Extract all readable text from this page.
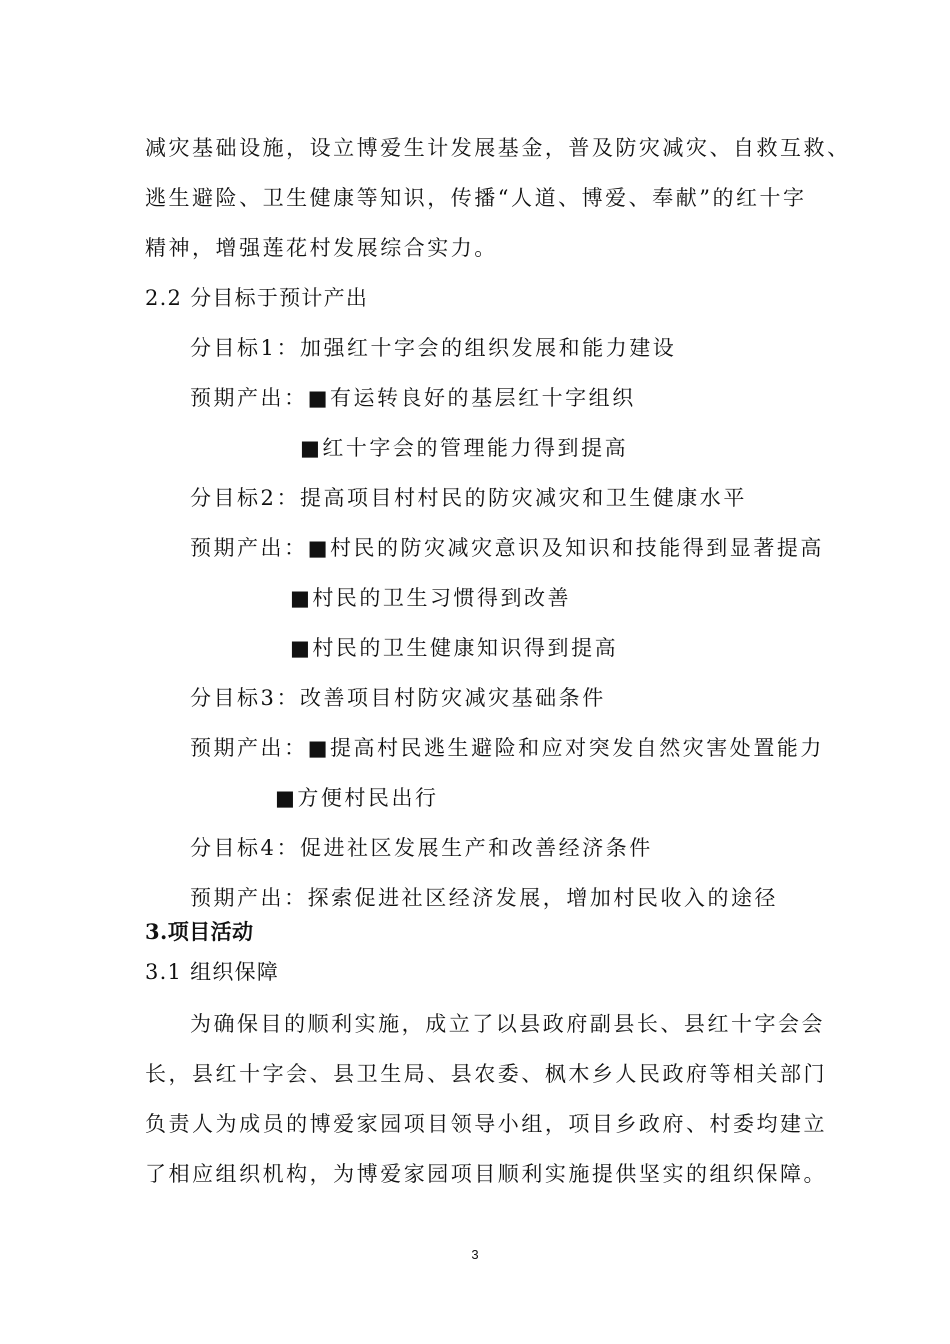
减灾基础设施，设立博爱生计发展基金，普及防灾减灾、自救互救、
逃生避险、卫生健康等知识，传播“人道、博爱、奉献”的红十字
精神，增强莲花村发展综合实力。
2.2 分目标于预计产出
分目标1：加强红十字会的组织发展和能力建设
预期产出：■有运转良好的基层红十字组织
■红十字会的管理能力得到提高
分目标2：提高项目村村民的防灾减灾和卫生健康水平
预期产出：■村民的防灾减灾意识及知识和技能得到显著提高
■村民的卫生习惯得到改善
■村民的卫生健康知识得到提高
分目标3：改善项目村防灾减灾基础条件
预期产出：■提高村民逃生避险和应对突发自然灾害处置能力
■方便村民出行
分目标4：促进社区发展生产和改善经济条件
预期产出：探索促进社区经济发展，增加村民收入的途径
3.项目活动
3.1 组织保障
为确保目的顺利实施，成立了以县政府副县长、县红十字会会
长，县红十字会、县卫生局、县农委、枫木乡人民政府等相关部门
负责人为成员的博爱家园项目领导小组，项目乡政府、村委均建立
了相应组织机构，为博爱家园项目顺利实施提供坚实的组织保障。
3
